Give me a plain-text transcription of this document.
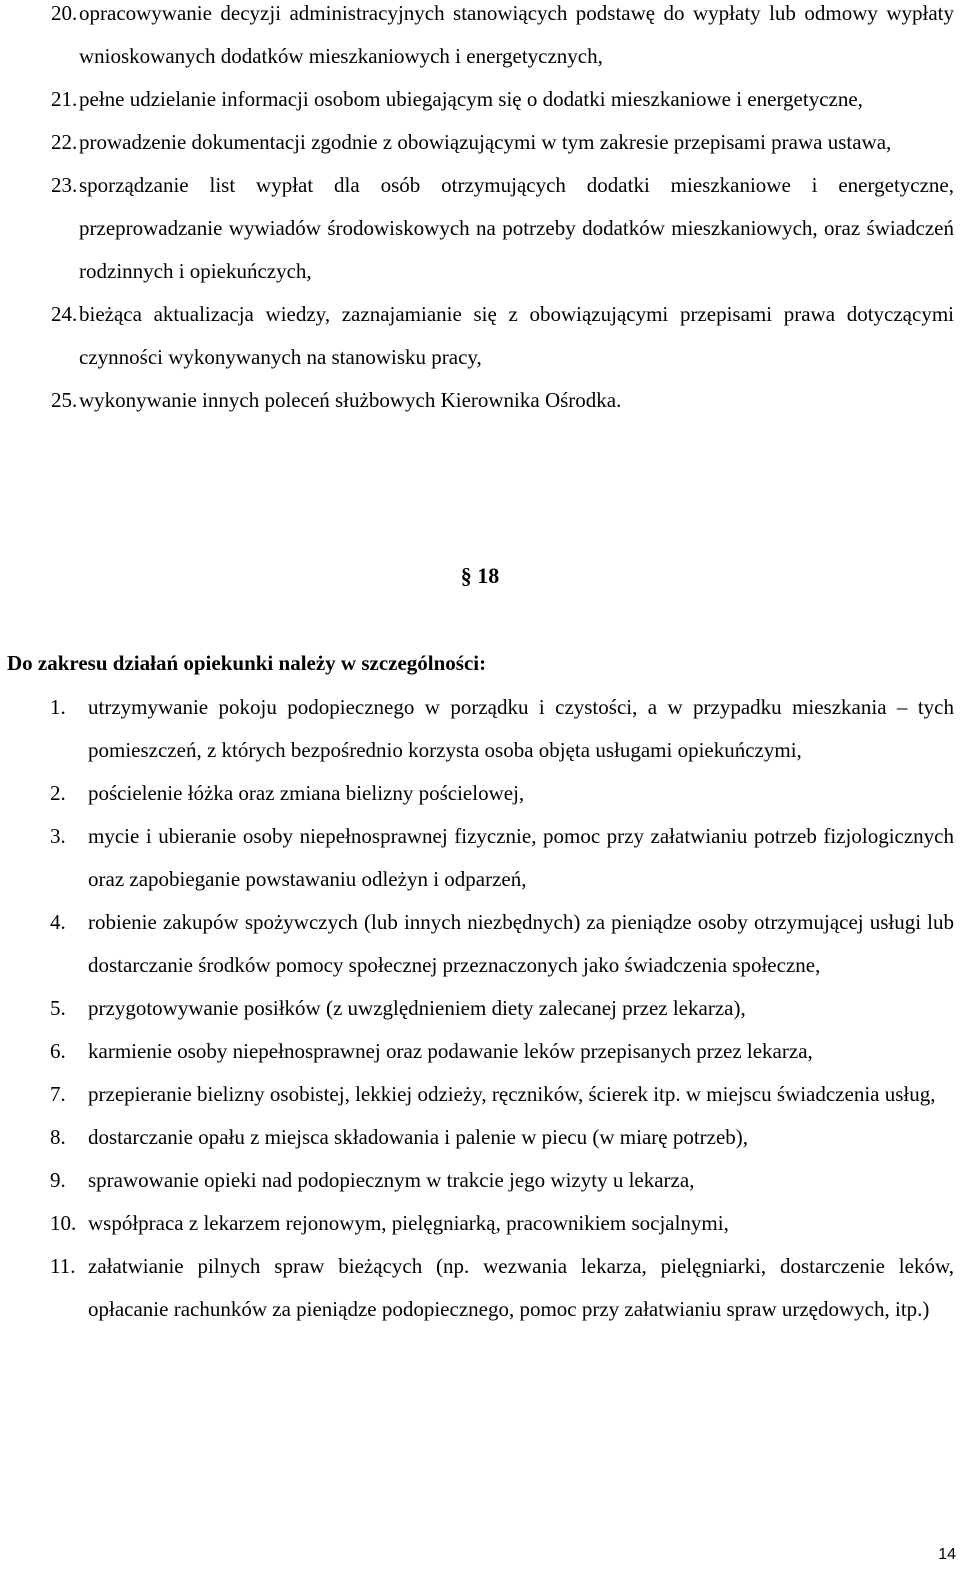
20. opracowywanie decyzji administracyjnych stanowiących podstawę do wypłaty lub odmowy wypłaty wnioskowanych dodatków mieszkaniowych i energetycznych,
21. pełne udzielanie informacji osobom ubiegającym się o dodatki mieszkaniowe i energetyczne,
22. prowadzenie dokumentacji zgodnie z obowiązującymi w tym zakresie przepisami prawa ustawa,
23. sporządzanie list wypłat dla osób otrzymujących dodatki mieszkaniowe i energetyczne, przeprowadzanie wywiadów środowiskowych na potrzeby dodatków mieszkaniowych, oraz świadczeń rodzinnych i opiekuńczych,
24. bieżąca aktualizacja wiedzy, zaznajamianie się z obowiązującymi przepisami prawa dotyczącymi czynności wykonywanych na stanowisku pracy,
25. wykonywanie innych poleceń służbowych Kierownika Ośrodka.
§ 18
Do zakresu działań opiekunki należy w szczególności:
1. utrzymywanie pokoju podopiecznego w porządku i czystości, a w przypadku mieszkania – tych pomieszczeń, z których bezpośrednio korzysta osoba objęta usługami opiekuńczymi,
2. pościelenie łóżka oraz zmiana bielizny pościelowej,
3. mycie i ubieranie osoby niepełnosprawnej fizycznie, pomoc przy załatwianiu potrzeb fizjologicznych oraz zapobieganie powstawaniu odleżyn i odparzeń,
4. robienie zakupów spożywczych (lub innych niezbędnych) za pieniądze osoby otrzymującej usługi lub dostarczanie środków pomocy społecznej przeznaczonych jako świadczenia społeczne,
5. przygotowywanie posiłków (z uwzględnieniem diety zalecanej przez lekarza),
6. karmienie osoby niepełnosprawnej oraz podawanie leków przepisanych przez lekarza,
7. przepieranie bielizny osobistej, lekkiej odzieży, ręczników, ścierek itp. w miejscu świadczenia usług,
8. dostarczanie opału z miejsca składowania i palenie w piecu (w miarę potrzeb),
9. sprawowanie opieki nad podopiecznym w trakcie jego wizyty u lekarza,
10. współpraca z lekarzem rejonowym, pielęgniarką, pracownikiem socjalnymi,
11. załatwianie pilnych spraw bieżących (np. wezwania lekarza, pielęgniarki, dostarczenie leków, opłacanie rachunków za pieniądze podopiecznego, pomoc przy załatwianiu spraw urzędowych, itp.)
14
